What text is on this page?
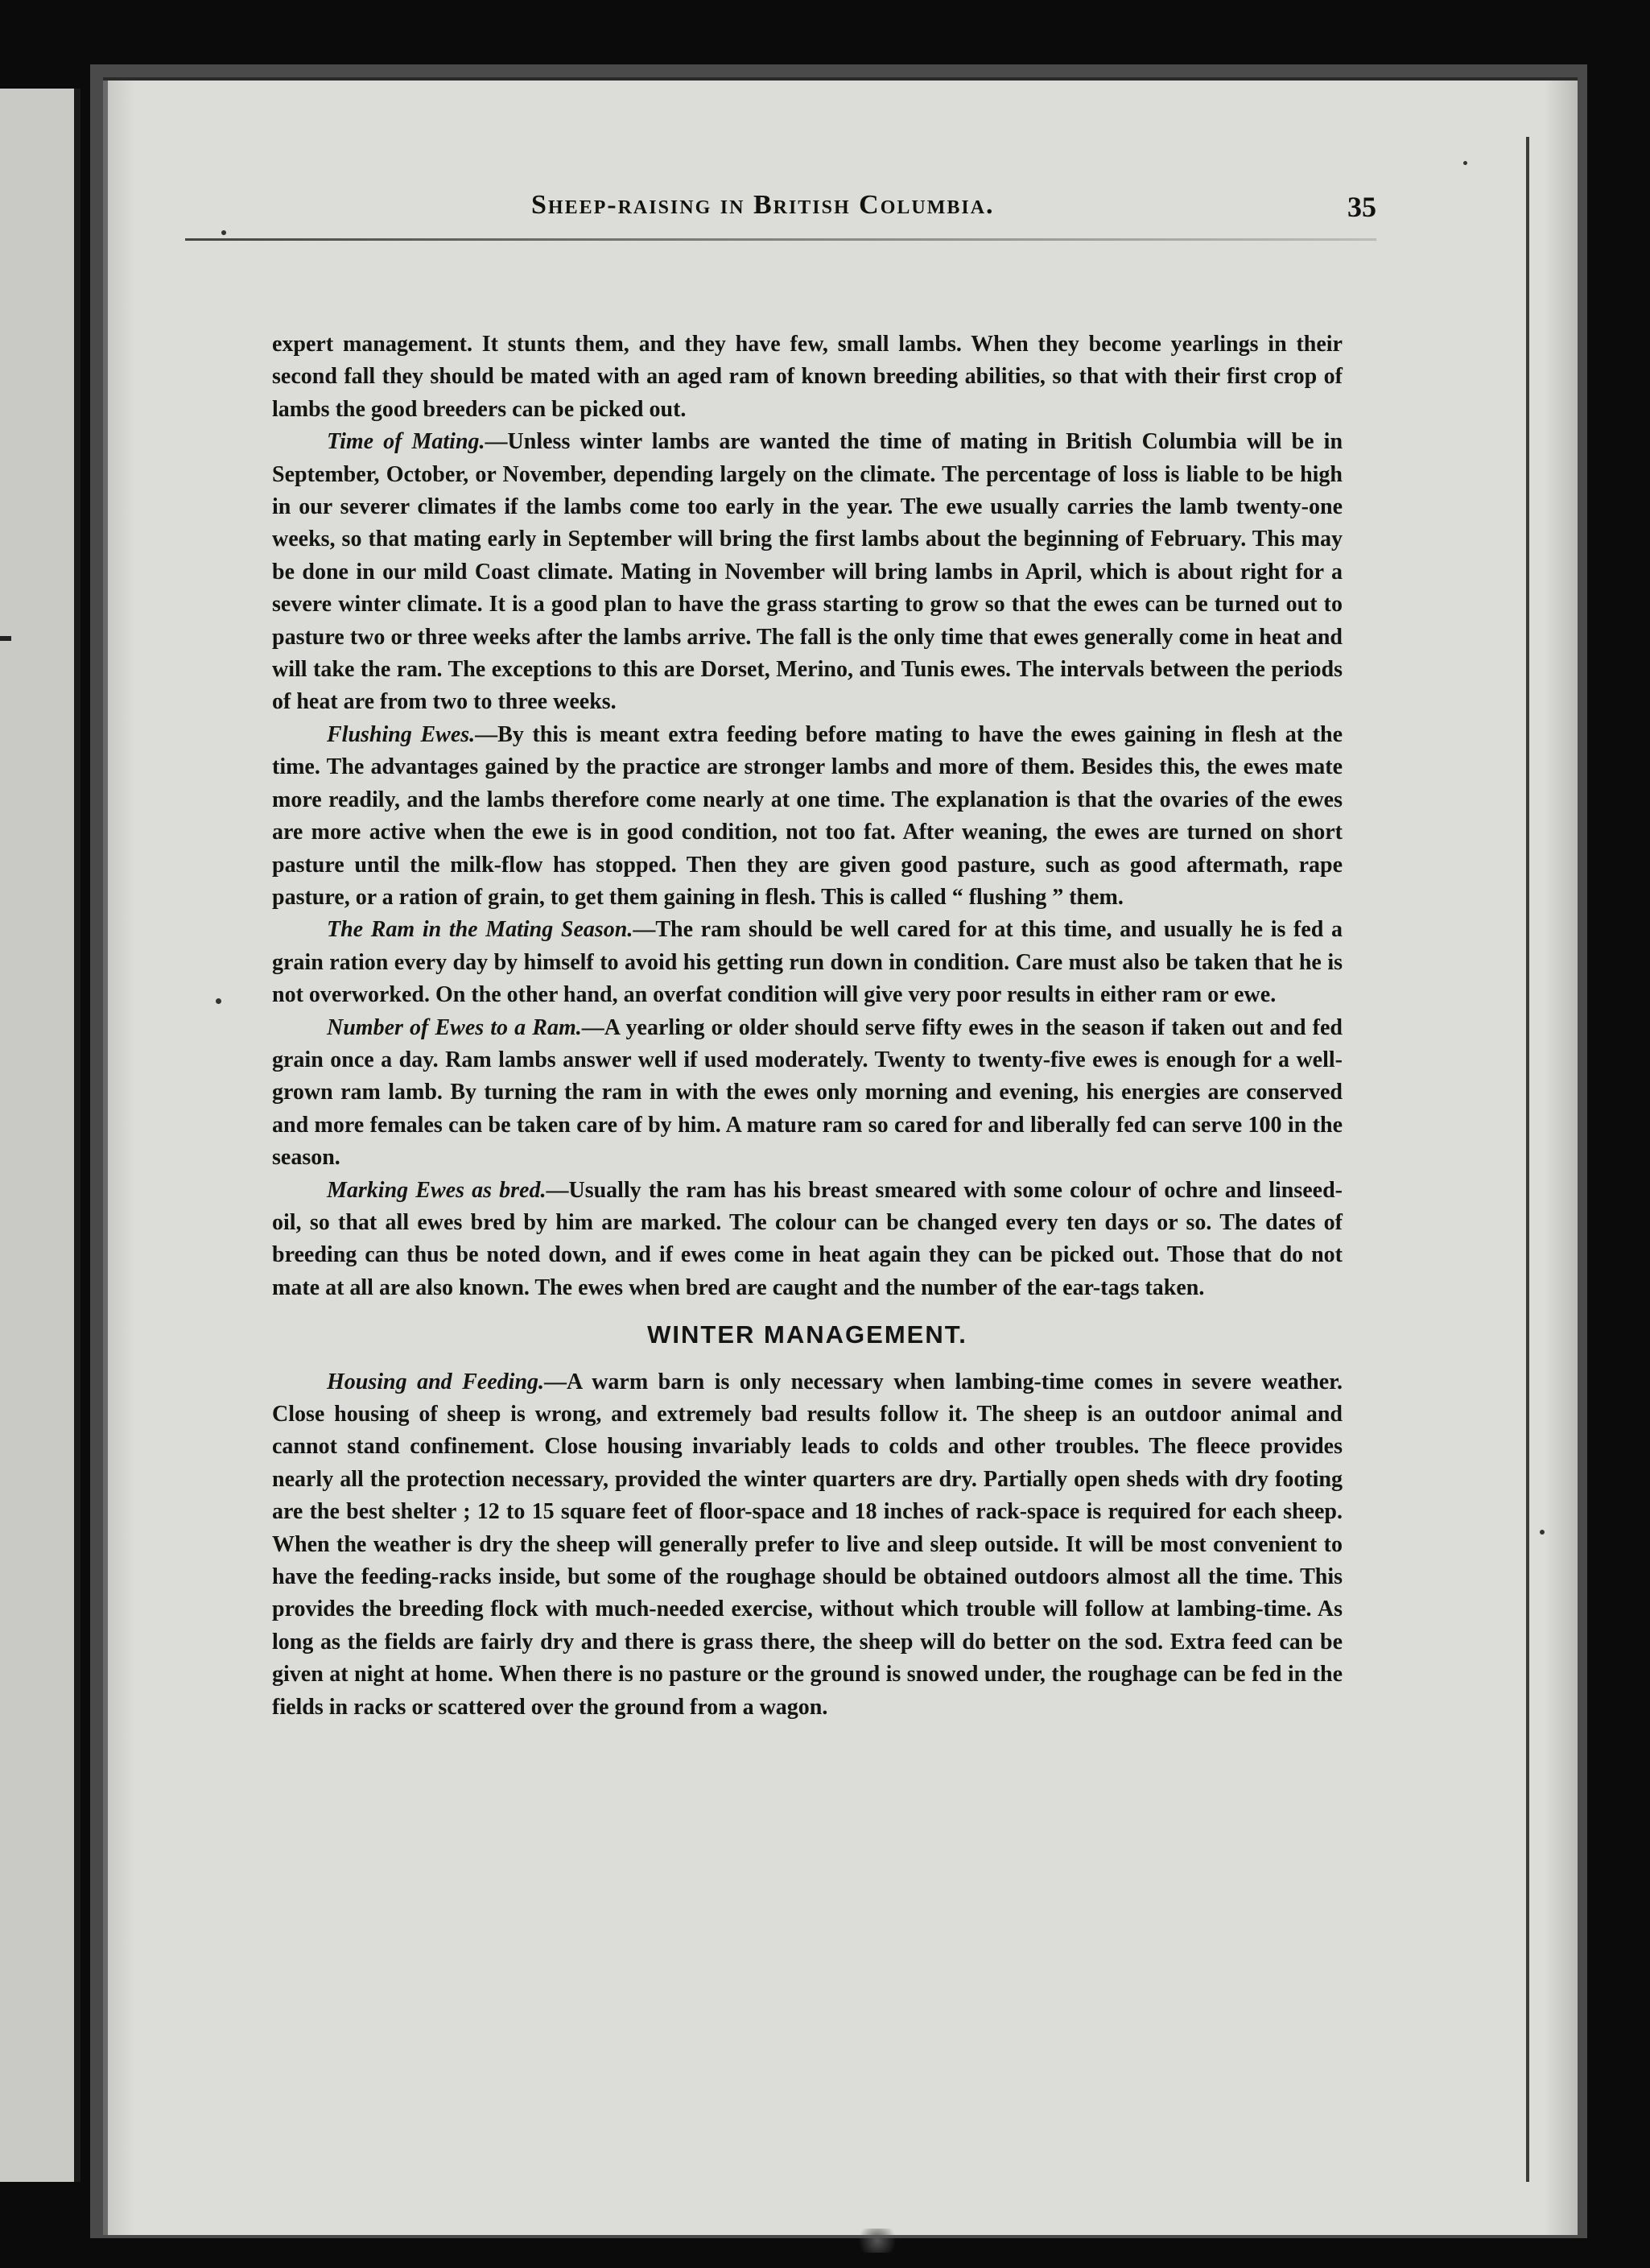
Sheep-raising in British Columbia.	35

expert management. It stunts them, and they have few, small lambs. When they become yearlings in their second fall they should be mated with an aged ram of known breeding abilities, so that with their first crop of lambs the good breeders can be picked out.

Time of Mating.—Unless winter lambs are wanted the time of mating in British Columbia will be in September, October, or November, depending largely on the climate. The percentage of loss is liable to be high in our severer climates if the lambs come too early in the year. The ewe usually carries the lamb twenty-one weeks, so that mating early in September will bring the first lambs about the beginning of February. This may be done in our mild Coast climate. Mating in November will bring lambs in April, which is about right for a severe winter climate. It is a good plan to have the grass starting to grow so that the ewes can be turned out to pasture two or three weeks after the lambs arrive. The fall is the only time that ewes generally come in heat and will take the ram. The exceptions to this are Dorset, Merino, and Tunis ewes. The intervals between the periods of heat are from two to three weeks.

Flushing Ewes.—By this is meant extra feeding before mating to have the ewes gaining in flesh at the time. The advantages gained by the practice are stronger lambs and more of them. Besides this, the ewes mate more readily, and the lambs therefore come nearly at one time. The explanation is that the ovaries of the ewes are more active when the ewe is in good condition, not too fat. After weaning, the ewes are turned on short pasture until the milk-flow has stopped. Then they are given good pasture, such as good aftermath, rape pasture, or a ration of grain, to get them gaining in flesh. This is called “ flushing ” them.

The Ram in the Mating Season.—The ram should be well cared for at this time, and usually he is fed a grain ration every day by himself to avoid his getting run down in condition. Care must also be taken that he is not overworked. On the other hand, an overfat condition will give very poor results in either ram or ewe.

Number of Ewes to a Ram.—A yearling or older should serve fifty ewes in the season if taken out and fed grain once a day. Ram lambs answer well if used moderately. Twenty to twenty-five ewes is enough for a well-grown ram lamb. By turning the ram in with the ewes only morning and evening, his energies are conserved and more females can be taken care of by him. A mature ram so cared for and liberally fed can serve 100 in the season.

Marking Ewes as bred.—Usually the ram has his breast smeared with some colour of ochre and linseed-oil, so that all ewes bred by him are marked. The colour can be changed every ten days or so. The dates of breeding can thus be noted down, and if ewes come in heat again they can be picked out. Those that do not mate at all are also known. The ewes when bred are caught and the number of the ear-tags taken.

WINTER MANAGEMENT.

Housing and Feeding.—A warm barn is only necessary when lambing-time comes in severe weather. Close housing of sheep is wrong, and extremely bad results follow it. The sheep is an outdoor animal and cannot stand confinement. Close housing invariably leads to colds and other troubles. The fleece provides nearly all the protection necessary, provided the winter quarters are dry. Partially open sheds with dry footing are the best shelter ; 12 to 15 square feet of floor-space and 18 inches of rack-space is required for each sheep. When the weather is dry the sheep will generally prefer to live and sleep outside. It will be most convenient to have the feeding-racks inside, but some of the roughage should be obtained outdoors almost all the time. This provides the breeding flock with much-needed exercise, without which trouble will follow at lambing-time. As long as the fields are fairly dry and there is grass there, the sheep will do better on the sod. Extra feed can be given at night at home. When there is no pasture or the ground is snowed under, the roughage can be fed in the fields in racks or scattered over the ground from a wagon.
